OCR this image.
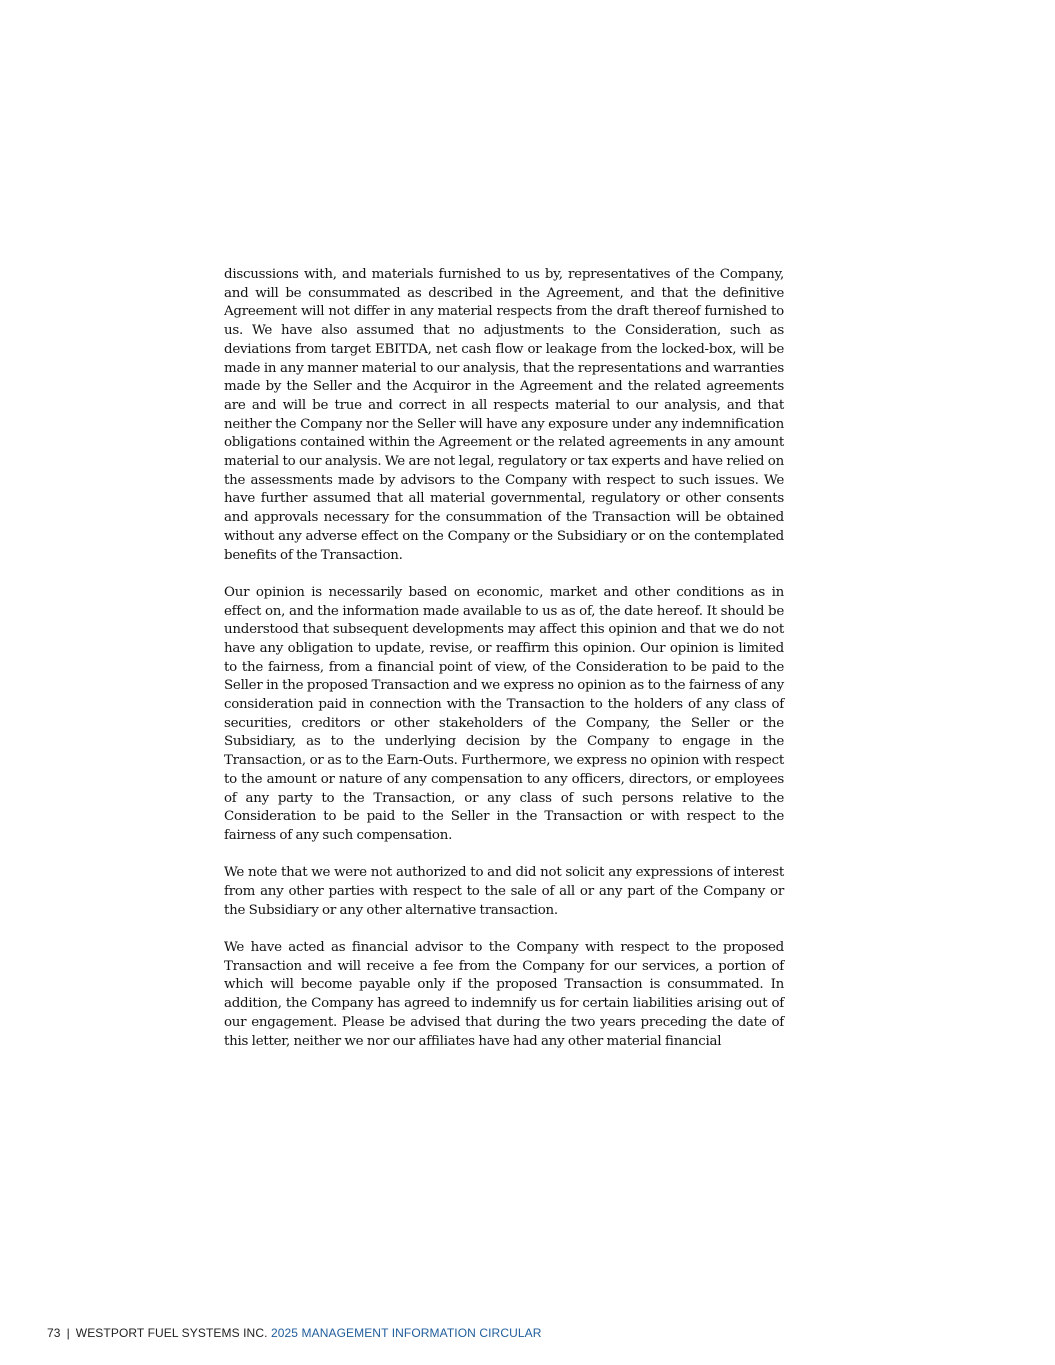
discussions with, and materials furnished to us by, representatives of the Company, and will be consummated as described in the Agreement, and that the definitive Agreement will not differ in any material respects from the draft thereof furnished to us. We have also assumed that no adjustments to the Consideration, such as deviations from target EBITDA, net cash flow or leakage from the locked-box, will be made in any manner material to our analysis, that the representations and warranties made by the Seller and the Acquiror in the Agreement and the related agreements are and will be true and correct in all respects material to our analysis, and that neither the Company nor the Seller will have any exposure under any indemnification obligations contained within the Agreement or the related agreements in any amount material to our analysis. We are not legal, regulatory or tax experts and have relied on the assessments made by advisors to the Company with respect to such issues. We have further assumed that all material governmental, regulatory or other consents and approvals necessary for the consummation of the Transaction will be obtained without any adverse effect on the Company or the Subsidiary or on the contemplated benefits of the Transaction.

Our opinion is necessarily based on economic, market and other conditions as in effect on, and the information made available to us as of, the date hereof. It should be understood that subsequent developments may affect this opinion and that we do not have any obligation to update, revise, or reaffirm this opinion. Our opinion is limited to the fairness, from a financial point of view, of the Consideration to be paid to the Seller in the proposed Transaction and we express no opinion as to the fairness of any consideration paid in connection with the Transaction to the holders of any class of securities, creditors or other stakeholders of the Company, the Seller or the Subsidiary, as to the underlying decision by the Company to engage in the Transaction, or as to the Earn-Outs. Furthermore, we express no opinion with respect to the amount or nature of any compensation to any officers, directors, or employees of any party to the Transaction, or any class of such persons relative to the Consideration to be paid to the Seller in the Transaction or with respect to the fairness of any such compensation.

We note that we were not authorized to and did not solicit any expressions of interest from any other parties with respect to the sale of all or any part of the Company or the Subsidiary or any other alternative transaction.

We have acted as financial advisor to the Company with respect to the proposed Transaction and will receive a fee from the Company for our services, a portion of which will become payable only if the proposed Transaction is consummated. In addition, the Company has agreed to indemnify us for certain liabilities arising out of our engagement. Please be advised that during the two years preceding the date of this letter, neither we nor our affiliates have had any other material financial

73 | WESTPORT FUEL SYSTEMS INC. 2025 MANAGEMENT INFORMATION CIRCULAR
